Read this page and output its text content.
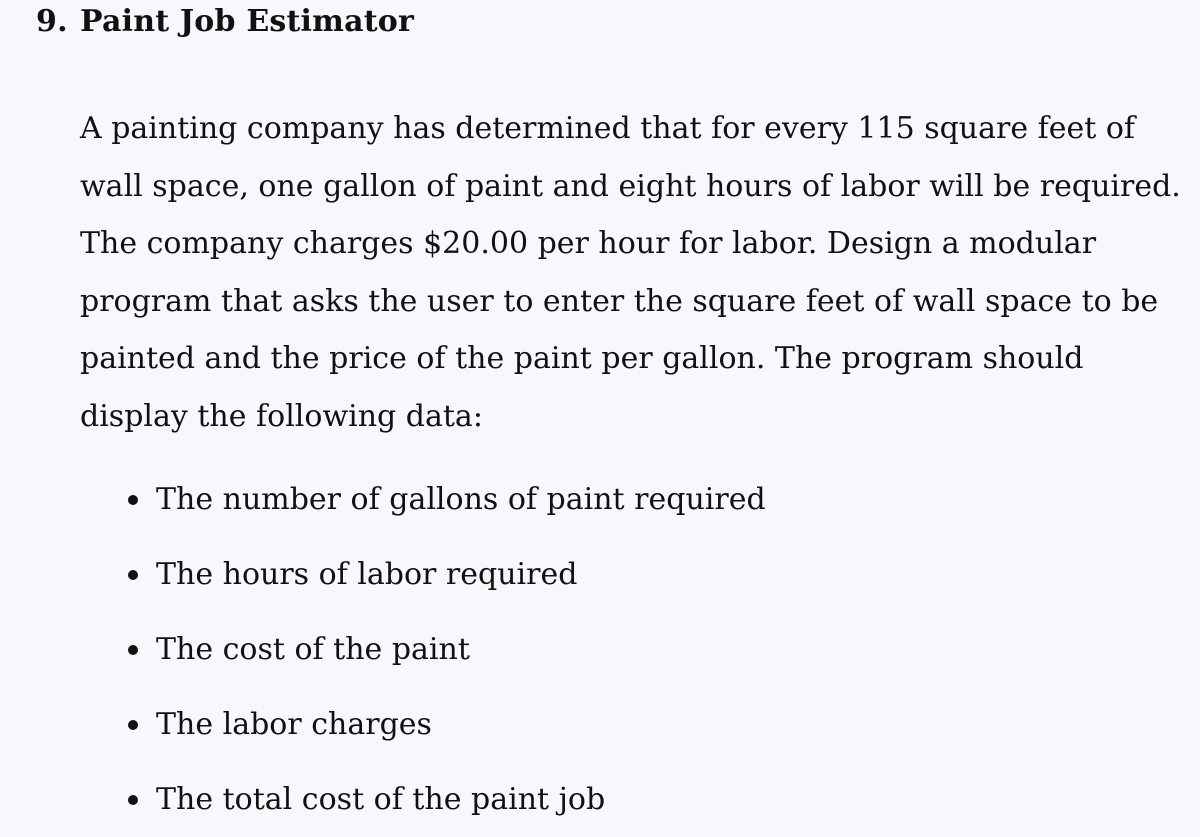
9. Paint Job Estimator

A painting company has determined that for every 115 square feet of
wall space, one gallon of paint and eight hours of labor will be required.
The company charges $20.00 per hour for labor. Design a modular
program that asks the user to enter the square feet of wall space to be
painted and the price of the paint per gallon. The program should
display the following data:

The number of gallons of paint required
The hours of labor required
The cost of the paint
The labor charges
The total cost of the paint job
